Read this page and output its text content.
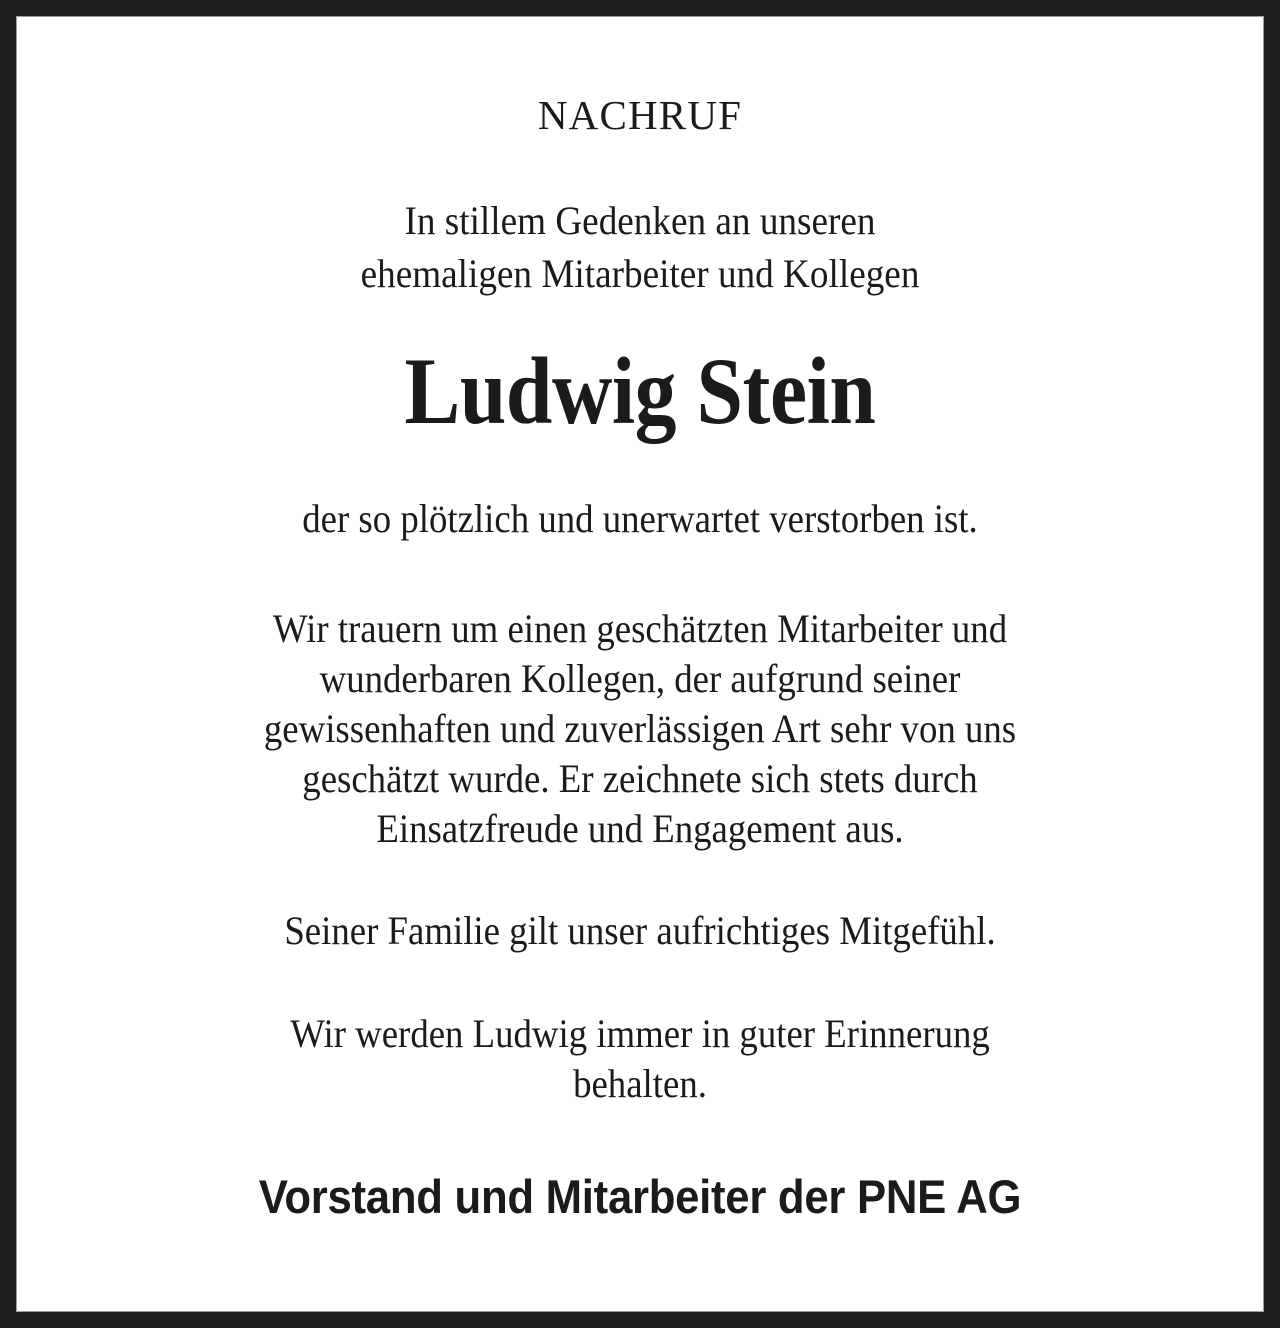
NACHRUF
In stillem Gedenken an unseren
ehemaligen Mitarbeiter und Kollegen
Ludwig Stein
der so plötzlich und unerwartet verstorben ist.
Wir trauern um einen geschätzten Mitarbeiter und
wunderbaren Kollegen, der aufgrund seiner
gewissenhaften und zuverlässigen Art sehr von uns
geschätzt wurde. Er zeichnete sich stets durch
Einsatzfreude und Engagement aus.
Seiner Familie gilt unser aufrichtiges Mitgefühl.
Wir werden Ludwig immer in guter Erinnerung
behalten.
Vorstand und Mitarbeiter der PNE AG
